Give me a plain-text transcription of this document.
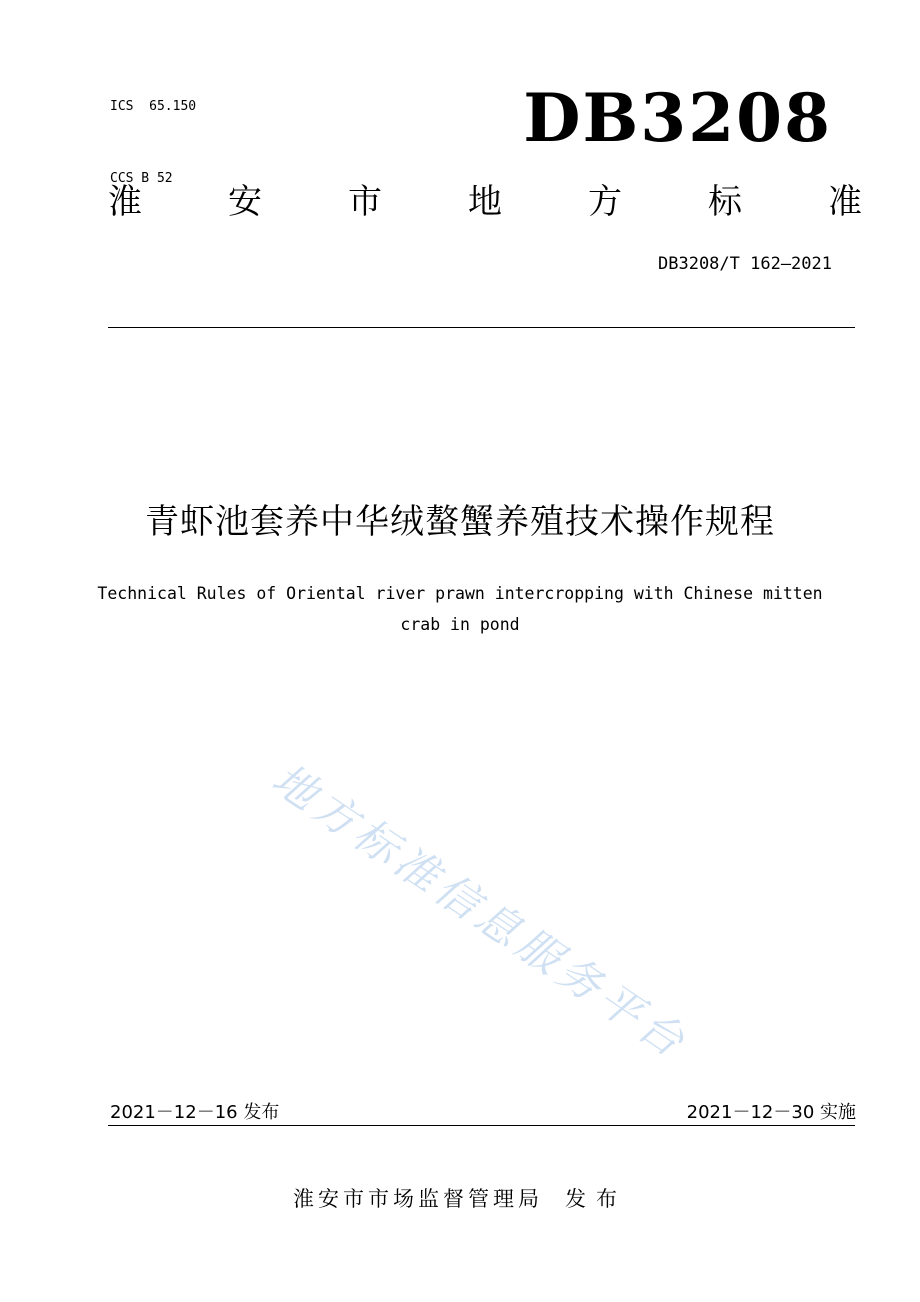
ICS  65.150

CCS B 52

DB3208
淮	安	市	地	方	标	准
DB3208/T 162—2021
青虾池套养中华绒螯蟹养殖技术操作规程
Technical Rules of Oriental river prawn intercropping with Chinese mitten
crab in pond
地方标准信息服务平台
2021－12－16 发布	2021－12－30 实施
淮安市市场监督管理局 发布
